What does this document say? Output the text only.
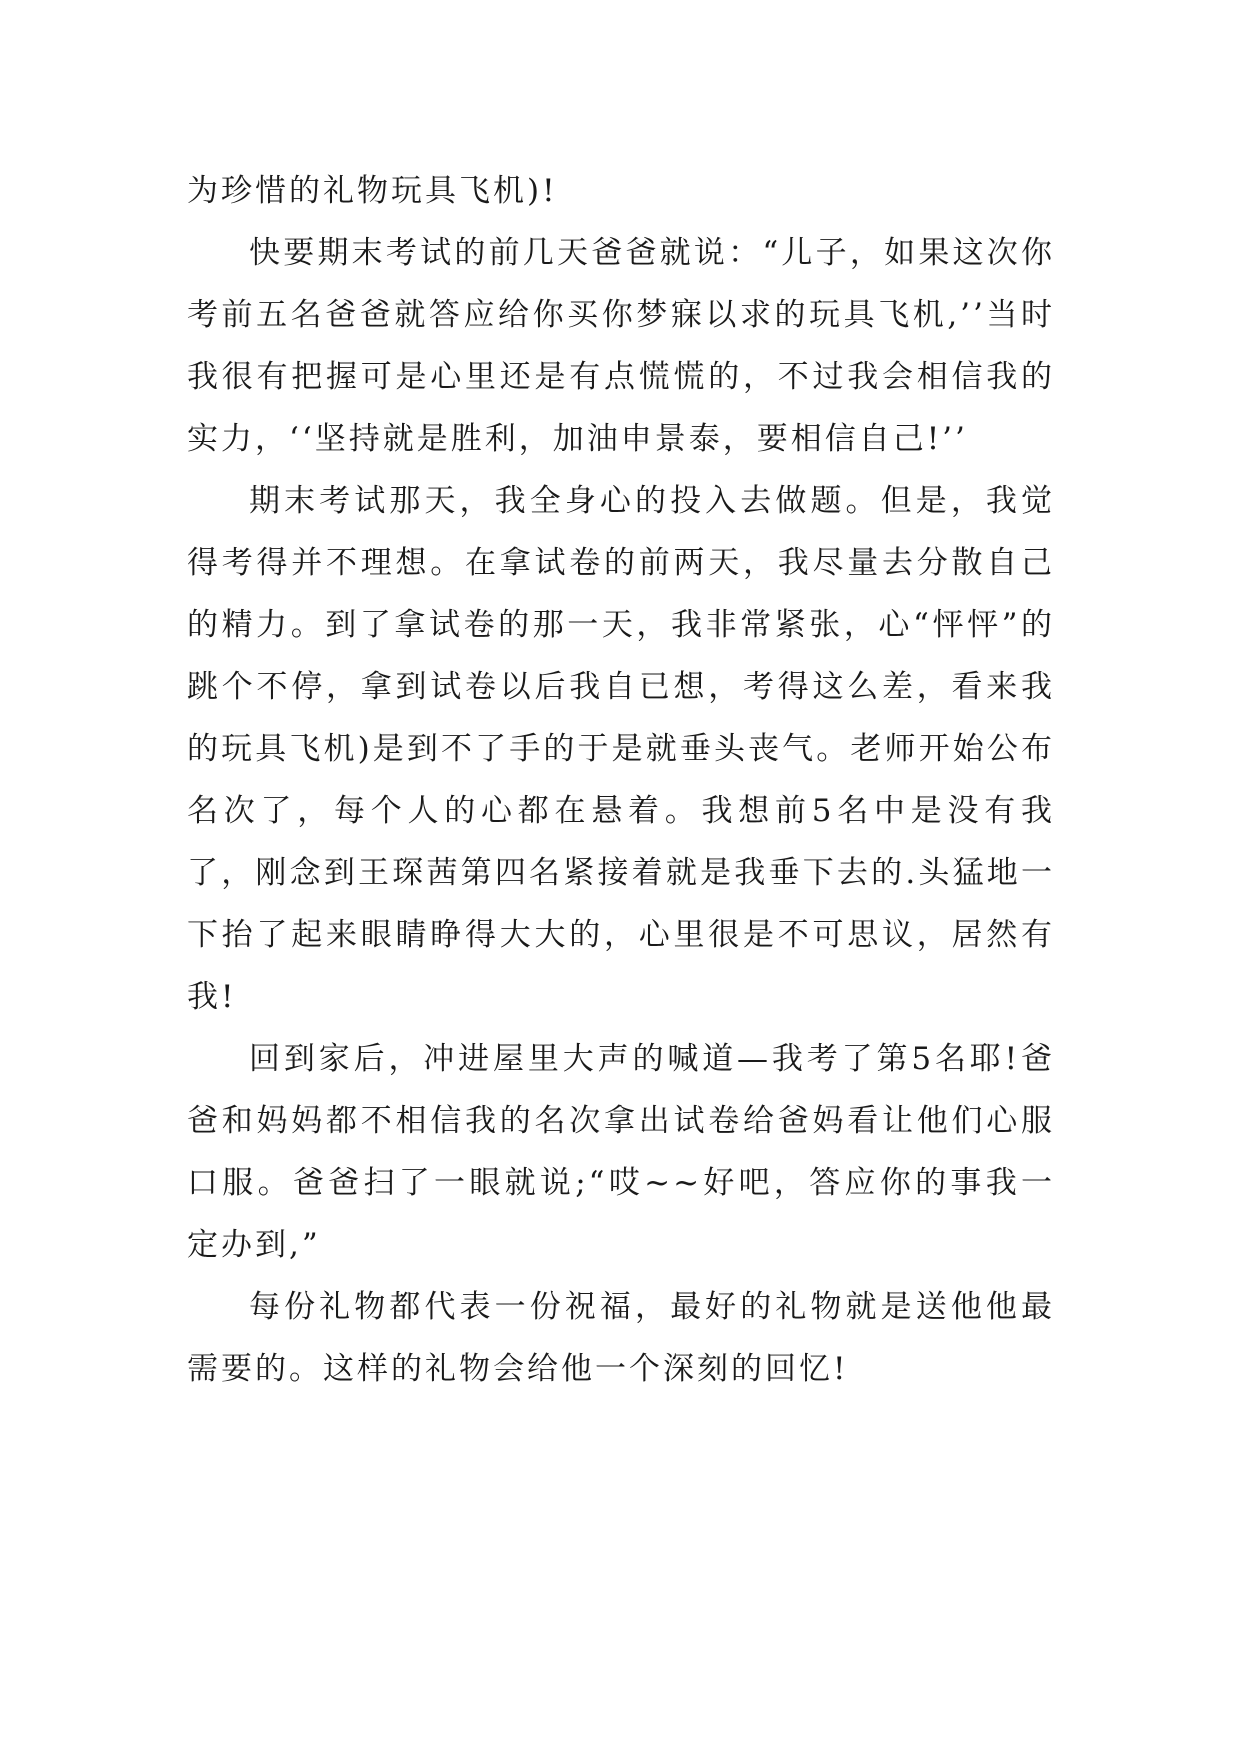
为珍惜的礼物玩具飞机)!

快要期末考试的前几天爸爸就说：“儿子，如果这次你考前五名爸爸就答应给你买你梦寐以求的玩具飞机,’’当时我很有把握可是心里还是有点慌慌的，不过我会相信我的实力，‘‘坚持就是胜利，加油申景泰，要相信自己!’’

期末考试那天，我全身心的投入去做题。但是，我觉得考得并不理想。在拿试卷的前两天，我尽量去分散自己的精力。到了拿试卷的那一天，我非常紧张，心“怦怦”的跳个不停，拿到试卷以后我自已想，考得这么差，看来我的玩具飞机)是到不了手的于是就垂头丧气。老师开始公布名次了，每个人的心都在悬着。我想前5名中是没有我了，刚念到王琛茜第四名紧接着就是我垂下去的.头猛地一下抬了起来眼睛睁得大大的，心里很是不可思议，居然有我!

回到家后，冲进屋里大声的喊道—我考了第5名耶!爸爸和妈妈都不相信我的名次拿出试卷给爸妈看让他们心服口服。爸爸扫了一眼就说;“哎~~好吧，答应你的事我一定办到,”

每份礼物都代表一份祝福，最好的礼物就是送他他最需要的。这样的礼物会给他一个深刻的回忆!
